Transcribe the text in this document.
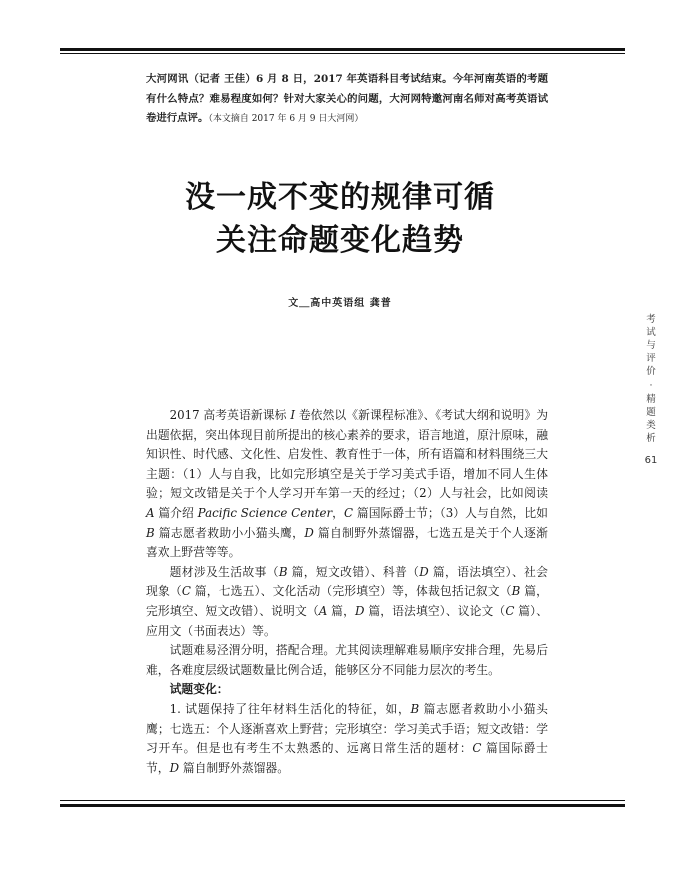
大河网讯（记者 王佳）6 月 8 日，2017 年英语科目考试结束。今年河南英语的考题有什么特点？难易程度如何？针对大家关心的问题，大河网特邀河南名师对高考英语试卷进行点评。（本文摘自 2017 年 6 月 9 日大河网）
没一成不变的规律可循
关注命题变化趋势
文＿高中英语组 龚普
考
试
与
评
价
·
精
题
类
析
61

2017 高考英语新课标 I 卷依然以《新课程标准》、《考试大纲和说明》为出题依据，突出体现目前所提出的核心素养的要求，语言地道，原汁原味，融知识性、时代感、文化性、启发性、教育性于一体，所有语篇和材料围绕三大主题：（1）人与自我，比如完形填空是关于学习美式手语，增加不同人生体验；短文改错是关于个人学习开车第一天的经过；（2）人与社会，比如阅读 A 篇介绍 Pacific Science Center，C 篇国际爵士节；（3）人与自然，比如 B 篇志愿者救助小小猫头鹰，D 篇自制野外蒸馏器，七选五是关于个人逐渐喜欢上野营等等。

题材涉及生活故事（B 篇，短文改错）、科普（D 篇，语法填空）、社会现象（C 篇，七选五）、文化活动（完形填空）等，体裁包括记叙文（B 篇，完形填空、短文改错）、说明文（A 篇，D 篇，语法填空）、议论文（C 篇）、应用文（书面表达）等。

试题难易泾渭分明，搭配合理。尤其阅读理解难易顺序安排合理，先易后难，各难度层级试题数量比例合适，能够区分不同能力层次的考生。

试题变化：

1. 试题保持了往年材料生活化的特征，如，B 篇志愿者救助小小猫头鹰；七选五：个人逐渐喜欢上野营；完形填空：学习美式手语；短文改错：学习开车。但是也有考生不太熟悉的、远离日常生活的题材：C 篇国际爵士节，D 篇自制野外蒸馏器。
